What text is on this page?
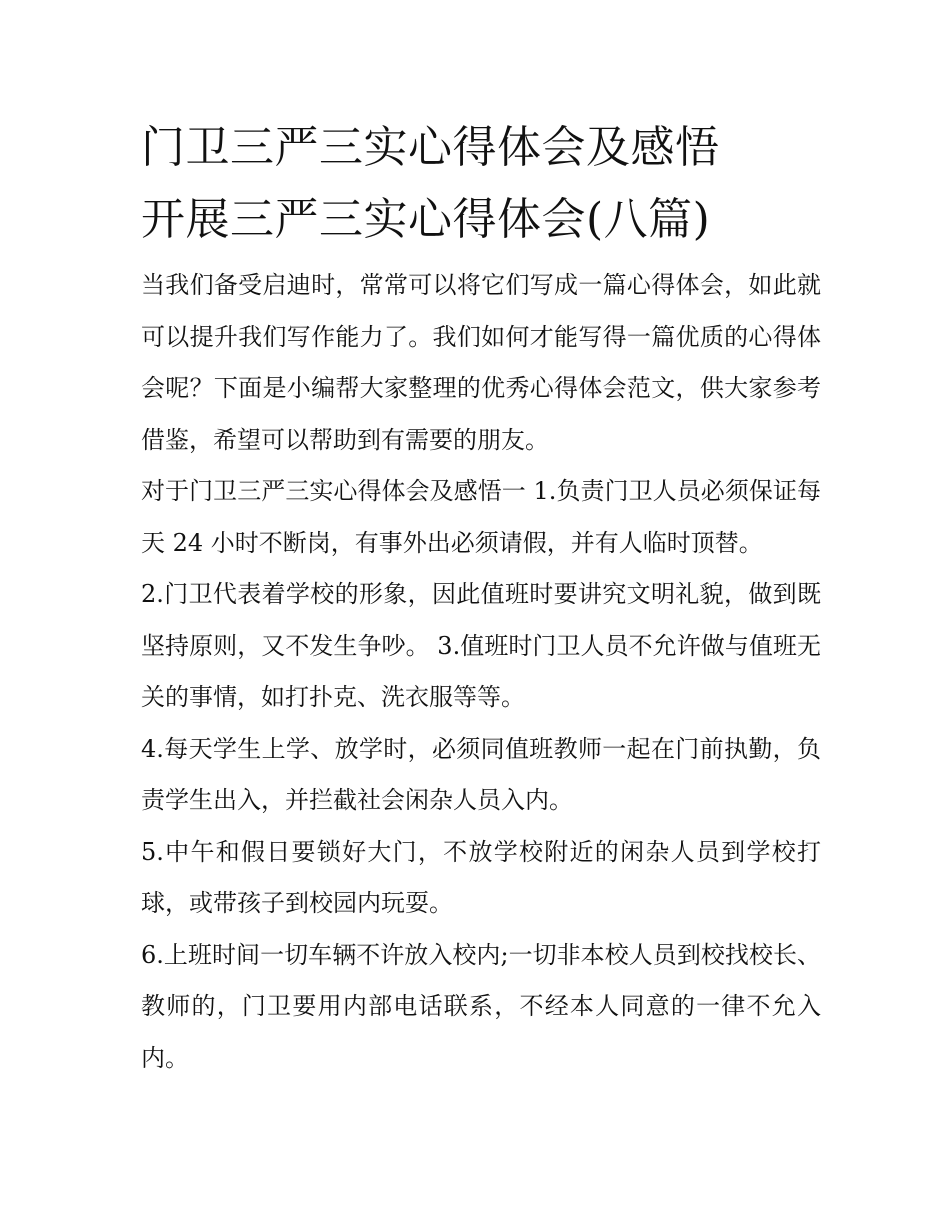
门卫三严三实心得体会及感悟
开展三严三实心得体会(八篇)

当我们备受启迪时，常常可以将它们写成一篇心得体会，如此就可以提升我们写作能力了。我们如何才能写得一篇优质的心得体会呢？下面是小编帮大家整理的优秀心得体会范文，供大家参考借鉴，希望可以帮助到有需要的朋友。

对于门卫三严三实心得体会及感悟一 1.负责门卫人员必须保证每天 24 小时不断岗，有事外出必须请假，并有人临时顶替。

2.门卫代表着学校的形象，因此值班时要讲究文明礼貌，做到既坚持原则，又不发生争吵。 3.值班时门卫人员不允许做与值班无关的事情，如打扑克、洗衣服等等。

4.每天学生上学、放学时，必须同值班教师一起在门前执勤，负责学生出入，并拦截社会闲杂人员入内。

5.中午和假日要锁好大门，不放学校附近的闲杂人员到学校打球，或带孩子到校园内玩耍。

6.上班时间一切车辆不许放入校内;一切非本校人员到校找校长、教师的，门卫要用内部电话联系，不经本人同意的一律不允入内。
